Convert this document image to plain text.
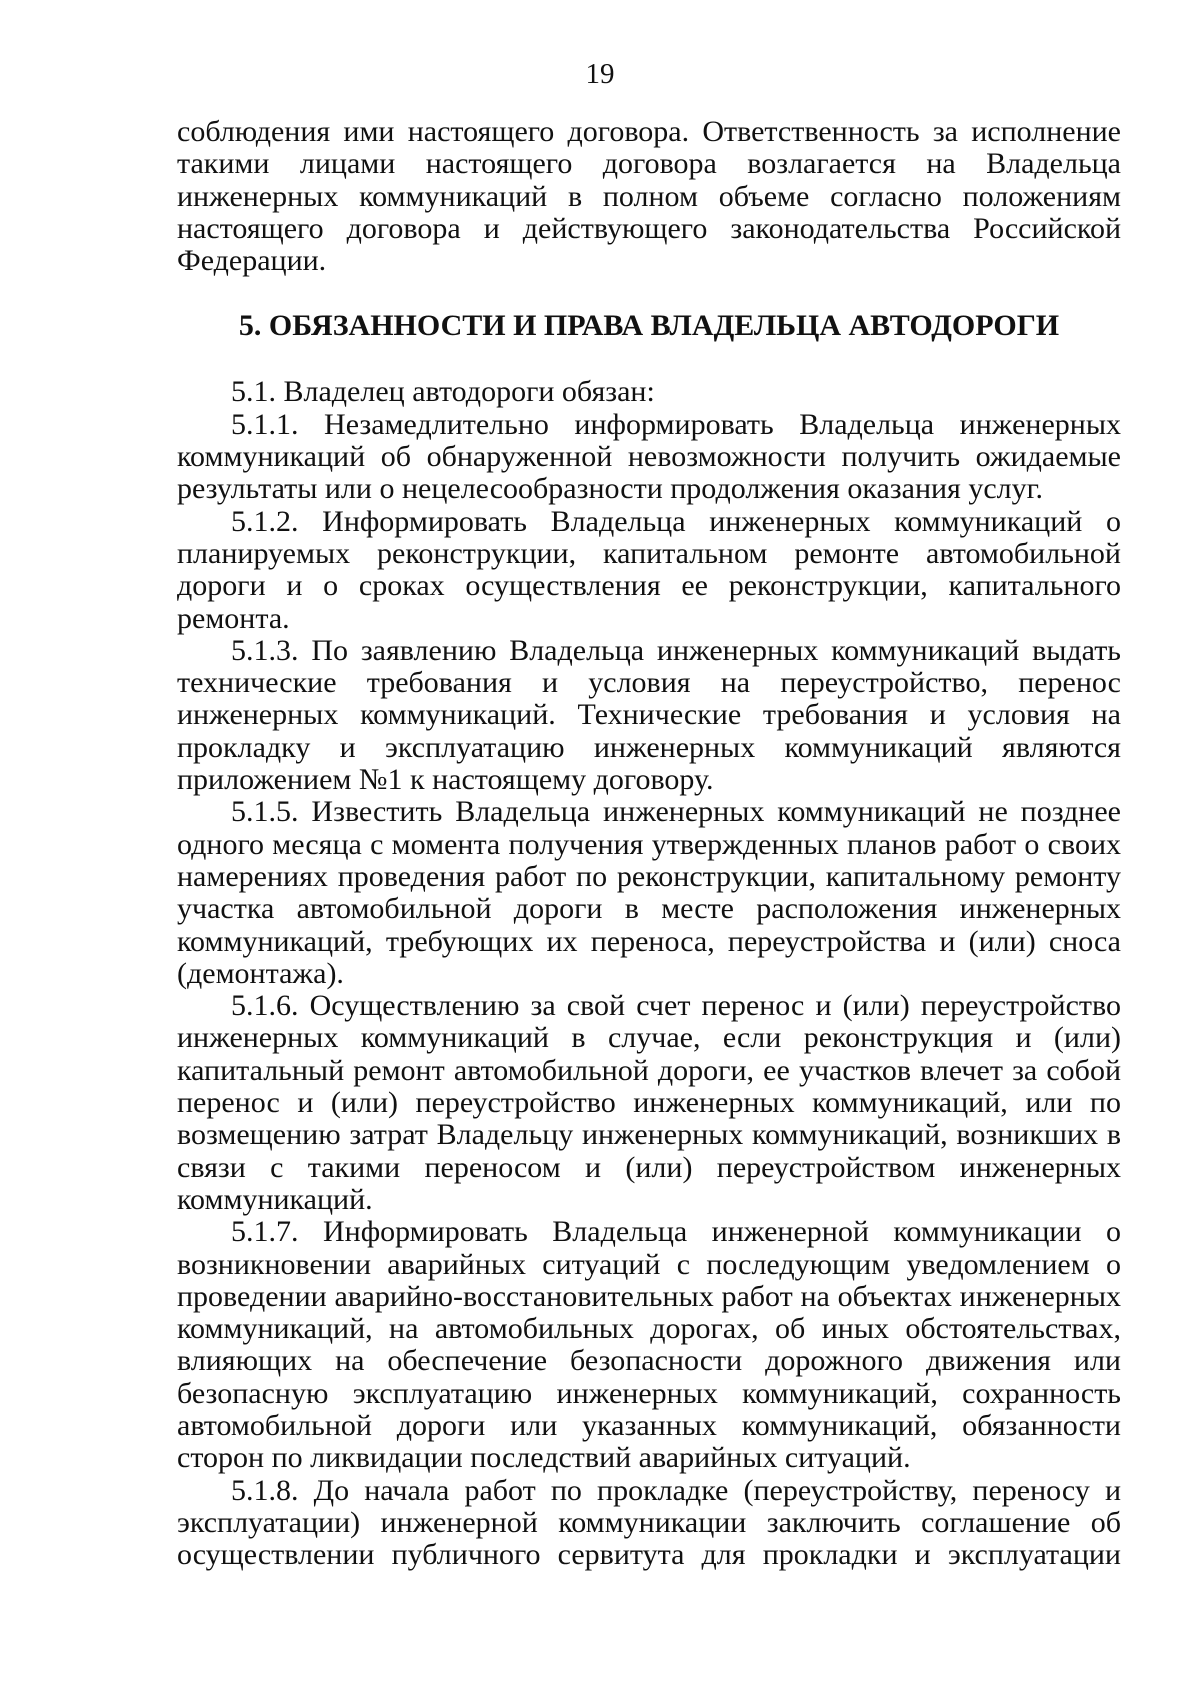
19

соблюдения ими настоящего договора. Ответственность за исполнение такими лицами настоящего договора возлагается на Владельца инженерных коммуникаций в полном объеме согласно положениям настоящего договора и действующего законодательства Российской Федерации.

5. ОБЯЗАННОСТИ И ПРАВА ВЛАДЕЛЬЦА АВТОДОРОГИ

5.1. Владелец автодороги обязан:

5.1.1. Незамедлительно информировать Владельца инженерных коммуникаций об обнаруженной невозможности получить ожидаемые результаты или о нецелесообразности продолжения оказания услуг.

5.1.2. Информировать Владельца инженерных коммуникаций о планируемых реконструкции, капитальном ремонте автомобильной дороги и о сроках осуществления ее реконструкции, капитального ремонта.

5.1.3. По заявлению Владельца инженерных коммуникаций выдать технические требования и условия на переустройство, перенос инженерных коммуникаций. Технические требования и условия на прокладку и эксплуатацию инженерных коммуникаций являются приложением №1 к настоящему договору.

5.1.5. Известить Владельца инженерных коммуникаций не позднее одного месяца с момента получения утвержденных планов работ о своих намерениях проведения работ по реконструкции, капитальному ремонту участка автомобильной дороги в месте расположения инженерных коммуникаций, требующих их переноса, переустройства и (или) сноса (демонтажа).

5.1.6. Осуществлению за свой счет перенос и (или) переустройство инженерных коммуникаций в случае, если реконструкция и (или) капитальный ремонт автомобильной дороги, ее участков влечет за собой перенос и (или) переустройство инженерных коммуникаций, или по возмещению затрат Владельцу инженерных коммуникаций, возникших в связи с такими переносом и (или) переустройством инженерных коммуникаций.

5.1.7. Информировать Владельца инженерной коммуникации о возникновении аварийных ситуаций с последующим уведомлением о проведении аварийно-восстановительных работ на объектах инженерных коммуникаций, на автомобильных дорогах, об иных обстоятельствах, влияющих на обеспечение безопасности дорожного движения или безопасную эксплуатацию инженерных коммуникаций, сохранность автомобильной дороги или указанных коммуникаций, обязанности сторон по ликвидации последствий аварийных ситуаций.

5.1.8. До начала работ по прокладке (переустройству, переносу и эксплуатации) инженерной коммуникации заключить соглашение об осуществлении публичного сервитута для прокладки и эксплуатации
